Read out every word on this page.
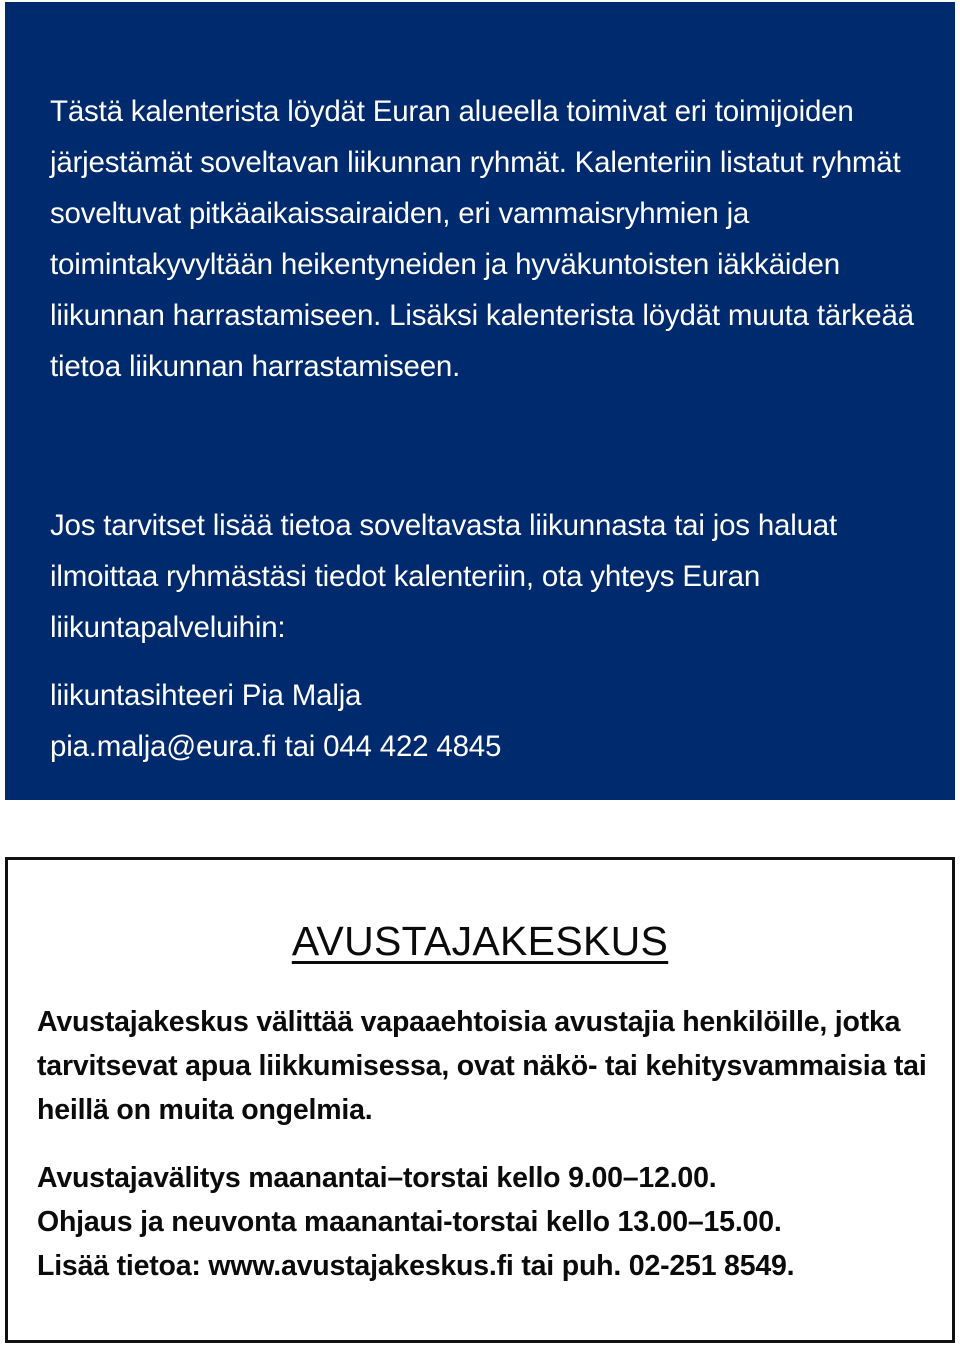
Tästä kalenterista löydät Euran alueella toimivat eri toimijoiden järjestämät soveltavan liikunnan ryhmät. Kalenteriin listatut ryhmät soveltuvat pitkäaikaissairaiden, eri vammaisryhmien ja toimintakyvyltään heikentyneiden ja hyväkuntoisten iäkkäiden liikunnan harrastamiseen. Lisäksi kalenterista löydät muuta tärkeää tietoa liikunnan harrastamiseen.

Jos tarvitset lisää tietoa soveltavasta liikunnasta tai jos haluat ilmoittaa ryhmästäsi tiedot kalenteriin, ota yhteys Euran liikuntapalveluihin:

liikuntasihteeri Pia Malja
pia.malja@eura.fi tai 044 422 4845

AVUSTAJAKESKUS

Avustajakeskus välittää vapaaehtoisia avustajia henkilöille, jotka tarvitsevat apua liikkumisessa, ovat näkö- tai kehitysvammaisia tai heillä on muita ongelmia.

Avustajavälitys maanantai–torstai kello 9.00–12.00.
Ohjaus ja neuvonta maanantai-torstai kello 13.00–15.00.
Lisää tietoa: www.avustajakeskus.fi tai puh. 02-251 8549.
